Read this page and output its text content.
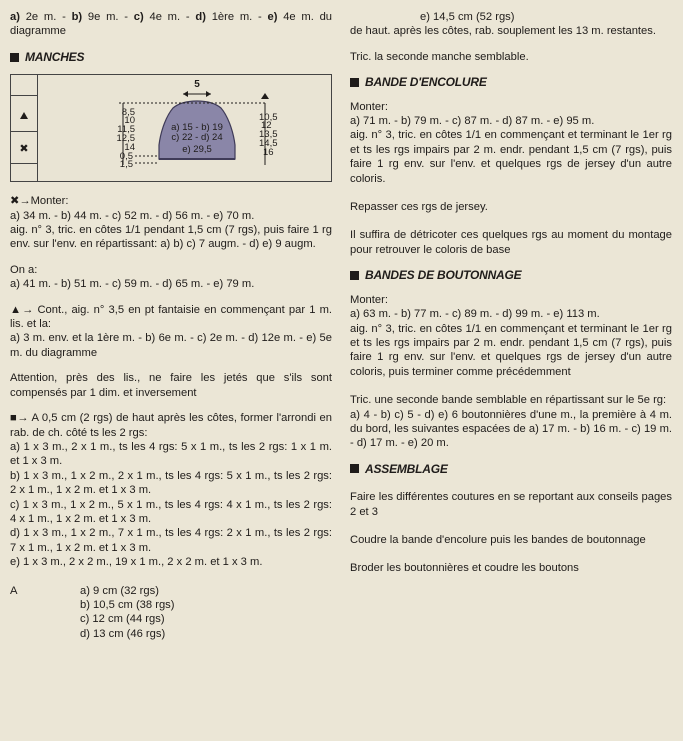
a) 2e m. - b) 9e m. - c) 4e m. - d) 1ère m. - e) 4e m. du diagramme

MANCHES
✖
5
8,5
10
11,5
12,5
14
0,5
1,5
10,5
12
13,5
14,5
16
a) 15 - b) 19
c) 22 - d) 24
e) 29,5

✖→Monter:
a) 34 m. - b) 44 m. - c) 52 m. - d) 56 m. - e) 70 m.
aig. n° 3, tric. en côtes 1/1 pendant 1,5 cm (7 rgs), puis faire 1 rg env. sur l'env. en répartissant: a) b) c) 7 augm. - d) e) 9 augm.

On a:
a) 41 m. - b) 51 m. - c) 59 m. - d) 65 m. - e) 79 m.

▲→ Cont., aig. n° 3,5 en pt fantaisie en commençant par 1 m. lis. et la:
a) 3 m. env. et la 1ère m. - b) 6e m. - c) 2e m. - d) 12e m. - e) 5e m. du diagramme

Attention, près des lis., ne faire les jetés que s'ils sont compensés par 1 dim. et inversement

■→ A 0,5 cm (2 rgs) de haut après les côtes, former l'arrondi en rab. de ch. côté ts les 2 rgs:
a) 1 x 3 m., 2 x 1 m., ts les 4 rgs: 5 x 1 m., ts les 2 rgs: 1 x 1 m. et 1 x 3 m.
b) 1 x 3 m., 1 x 2 m., 2 x 1 m., ts les 4 rgs: 5 x 1 m., ts les 2 rgs: 2 x 1 m., 1 x 2 m. et 1 x 3 m.
c) 1 x 3 m., 1 x 2 m., 5 x 1 m., ts les 4 rgs: 4 x 1 m., ts les 2 rgs: 4 x 1 m., 1 x 2 m. et 1 x 3 m.
d) 1 x 3 m., 1 x 2 m., 7 x 1 m., ts les 4 rgs: 2 x 1 m., ts les 2 rgs: 7 x 1 m., 1 x 2 m. et 1 x 3 m.
e) 1 x 3 m., 2 x 2 m., 19 x 1 m., 2 x 2 m. et 1 x 3 m.

A	a) 9 cm (32 rgs)
b) 10,5 cm (38 rgs)
c) 12 cm (44 rgs)
d) 13 cm (46 rgs)

e) 14,5 cm (52 rgs)
de haut. après les côtes, rab. souplement les 13 m. restantes.

Tric. la seconde manche semblable.

BANDE D'ENCOLURE

Monter:
a) 71 m. - b) 79 m. - c) 87 m. - d) 87 m. - e) 95 m.
aig. n° 3, tric. en côtes 1/1 en commençant et terminant le 1er rg et ts les rgs impairs par 2 m. endr. pendant 1,5 cm (7 rgs), puis faire 1 rg env. sur l'env. et quelques rgs de jersey d'un autre coloris.

Repasser ces rgs de jersey.

Il suffira de détricoter ces quelques rgs au moment du montage pour retrouver le coloris de base

BANDES DE BOUTONNAGE

Monter:
a) 63 m. - b) 77 m. - c) 89 m. - d) 99 m. - e) 113 m.
aig. n° 3, tric. en côtes 1/1 en commençant et terminant le 1er rg et ts les rgs impairs par 2 m. endr. pendant 1,5 cm (7 rgs), puis faire 1 rg env. sur l'env. et quelques rgs de jersey d'un autre coloris, puis terminer comme précédemment

Tric. une seconde bande semblable en répartissant sur le 5e rg:
a) 4 - b) c) 5 - d) e) 6 boutonnières d'une m., la première à 4 m. du bord, les suivantes espacées de a) 17 m. - b) 16 m. - c) 19 m. - d) 17 m. - e) 20 m.

ASSEMBLAGE

Faire les différentes coutures en se reportant aux conseils pages 2 et 3

Coudre la bande d'encolure puis les bandes de boutonnage

Broder les boutonnières et coudre les boutons
